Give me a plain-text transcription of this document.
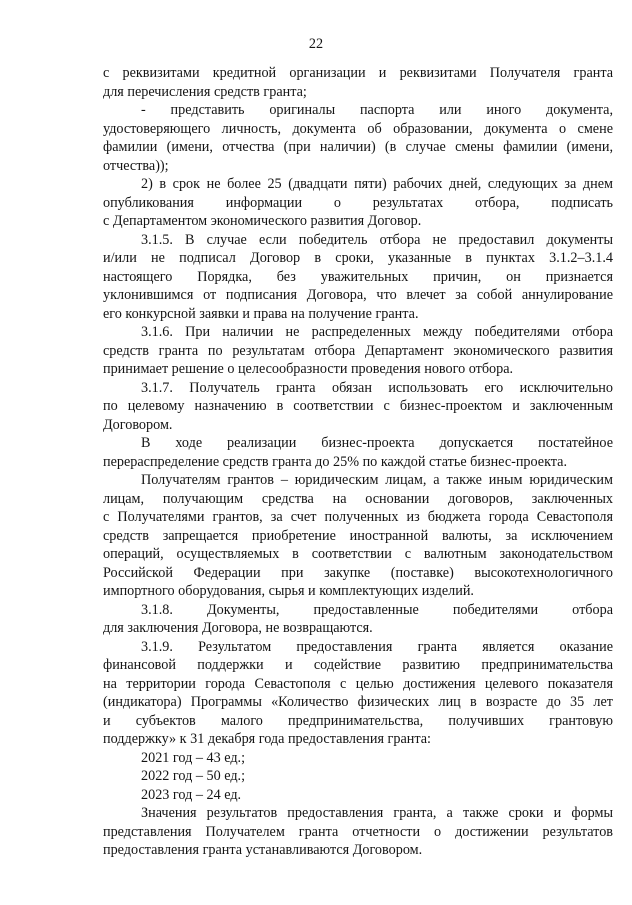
22
с реквизитами кредитной организации и реквизитами Получателя гранта
для перечисления средств гранта;
- представить оригиналы паспорта или иного документа,
удостоверяющего личность, документа об образовании, документа о смене
фамилии (имени, отчества (при наличии) (в случае смены фамилии (имени,
отчества));
2) в срок не более 25 (двадцати пяти) рабочих дней, следующих за днем
опубликования информации о результатах отбора, подписать
с Департаментом экономического развития Договор.
3.1.5. В случае если победитель отбора не предоставил документы
и/или не подписал Договор в сроки, указанные в пунктах 3.1.2–3.1.4
настоящего Порядка, без уважительных причин, он признается
уклонившимся от подписания Договора, что влечет за собой аннулирование
его конкурсной заявки и права на получение гранта.
3.1.6. При наличии не распределенных между победителями отбора
средств гранта по результатам отбора Департамент экономического развития
принимает решение о целесообразности проведения нового отбора.
3.1.7. Получатель гранта обязан использовать его исключительно
по целевому назначению в соответствии с бизнес-проектом и заключенным
Договором.
В ходе реализации бизнес-проекта допускается постатейное
перераспределение средств гранта до 25% по каждой статье бизнес-проекта.
Получателям грантов – юридическим лицам, а также иным юридическим
лицам, получающим средства на основании договоров, заключенных
с Получателями грантов, за счет полученных из бюджета города Севастополя
средств запрещается приобретение иностранной валюты, за исключением
операций, осуществляемых в соответствии с валютным законодательством
Российской Федерации при закупке (поставке) высокотехнологичного
импортного оборудования, сырья и комплектующих изделий.
3.1.8. Документы, предоставленные победителями отбора
для заключения Договора, не возвращаются.
3.1.9. Результатом предоставления гранта является оказание
финансовой поддержки и содействие развитию предпринимательства
на территории города Севастополя с целью достижения целевого показателя
(индикатора) Программы «Количество физических лиц в возрасте до 35 лет
и субъектов малого предпринимательства, получивших грантовую
поддержку» к 31 декабря года предоставления гранта:
2021 год – 43 ед.;
2022 год – 50 ед.;
2023 год – 24 ед.
Значения результатов предоставления гранта, а также сроки и формы
представления Получателем гранта отчетности о достижении результатов
предоставления гранта устанавливаются Договором.
